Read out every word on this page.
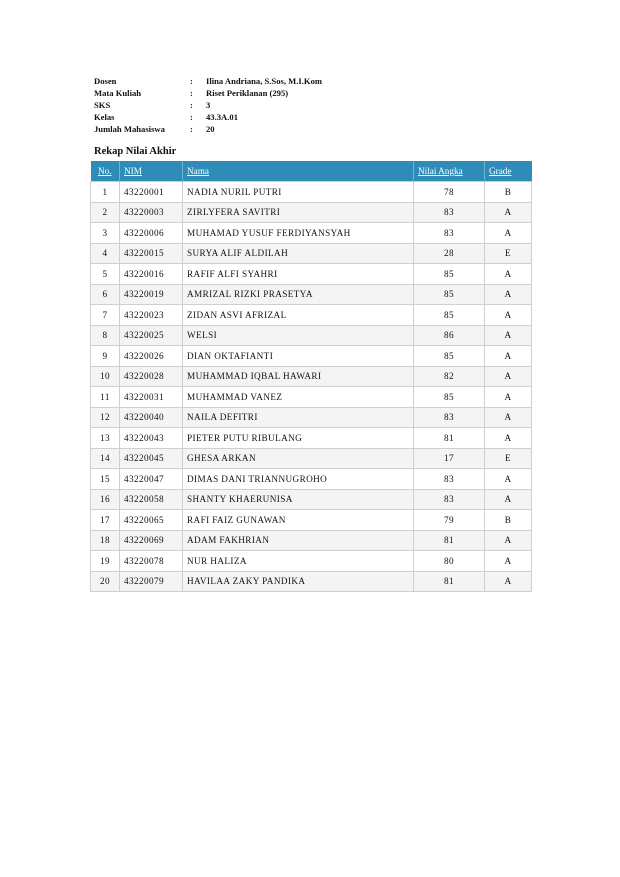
Dosen	:	Ilina Andriana, S.Sos, M.I.Kom
Mata Kuliah	:	Riset Periklanan (295)
SKS	:	3
Kelas	:	43.3A.01
Jumlah Mahasiswa	:	20
Rekap Nilai Akhir
No.	NIM	Nama	Nilai Angka	Grade
1	43220001	NADIA NURIL PUTRI	78	B
2	43220003	ZIRLYFERA SAVITRI	83	A
3	43220006	MUHAMAD YUSUF FERDIYANSYAH	83	A
4	43220015	SURYA ALIF ALDILAH	28	E
5	43220016	RAFIF ALFI SYAHRI	85	A
6	43220019	AMRIZAL RIZKI PRASETYA	85	A
7	43220023	ZIDAN ASVI AFRIZAL	85	A
8	43220025	WELSI	86	A
9	43220026	DIAN OKTAFIANTI	85	A
10	43220028	MUHAMMAD IQBAL HAWARI	82	A
11	43220031	MUHAMMAD VANEZ	85	A
12	43220040	NAILA DEFITRI	83	A
13	43220043	PIETER PUTU RIBULANG	81	A
14	43220045	GHESA ARKAN	17	E
15	43220047	DIMAS DANI TRIANNUGROHO	83	A
16	43220058	SHANTY KHAERUNISA	83	A
17	43220065	RAFI FAIZ GUNAWAN	79	B
18	43220069	ADAM FAKHRIAN	81	A
19	43220078	NUR HALIZA	80	A
20	43220079	HAVILAA ZAKY PANDIKA	81	A
